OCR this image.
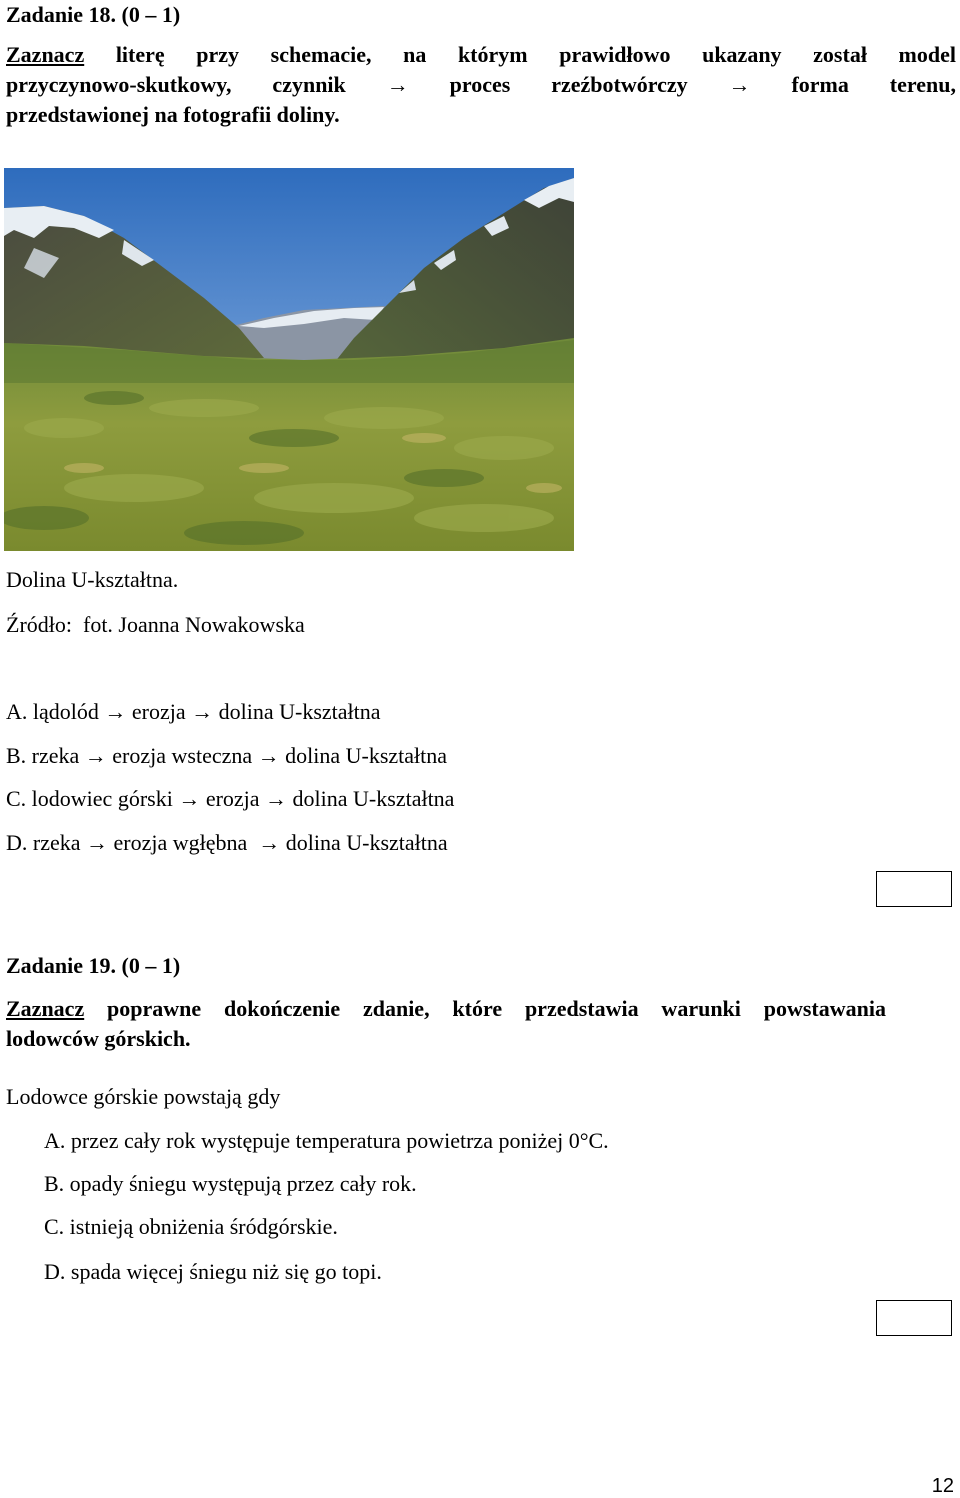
Zadanie 18. (0 – 1)
Zaznacz literę przy schemacie, na którym prawidłowo ukazany został model
przyczynowo-skutkowy, czynnik → proces rzeźbotwórczy → forma terenu,
przedstawionej na fotografii doliny.
Dolina U-kształtna.
Źródło:  fot. Joanna Nowakowska
A. lądolód → erozja → dolina U-kształtna
B. rzeka → erozja wsteczna → dolina U-kształtna
C. lodowiec górski → erozja → dolina U-kształtna
D. rzeka → erozja wgłębna  → dolina U-kształtna
Zadanie 19. (0 – 1)
Zaznacz poprawne dokończenie zdanie, które przedstawia warunki powstawania
lodowców górskich.
Lodowce górskie powstają gdy
A. przez cały rok występuje temperatura powietrza poniżej 0°C.
B. opady śniegu występują przez cały rok.
C. istnieją obniżenia śródgórskie.
D. spada więcej śniegu niż się go topi.
12
